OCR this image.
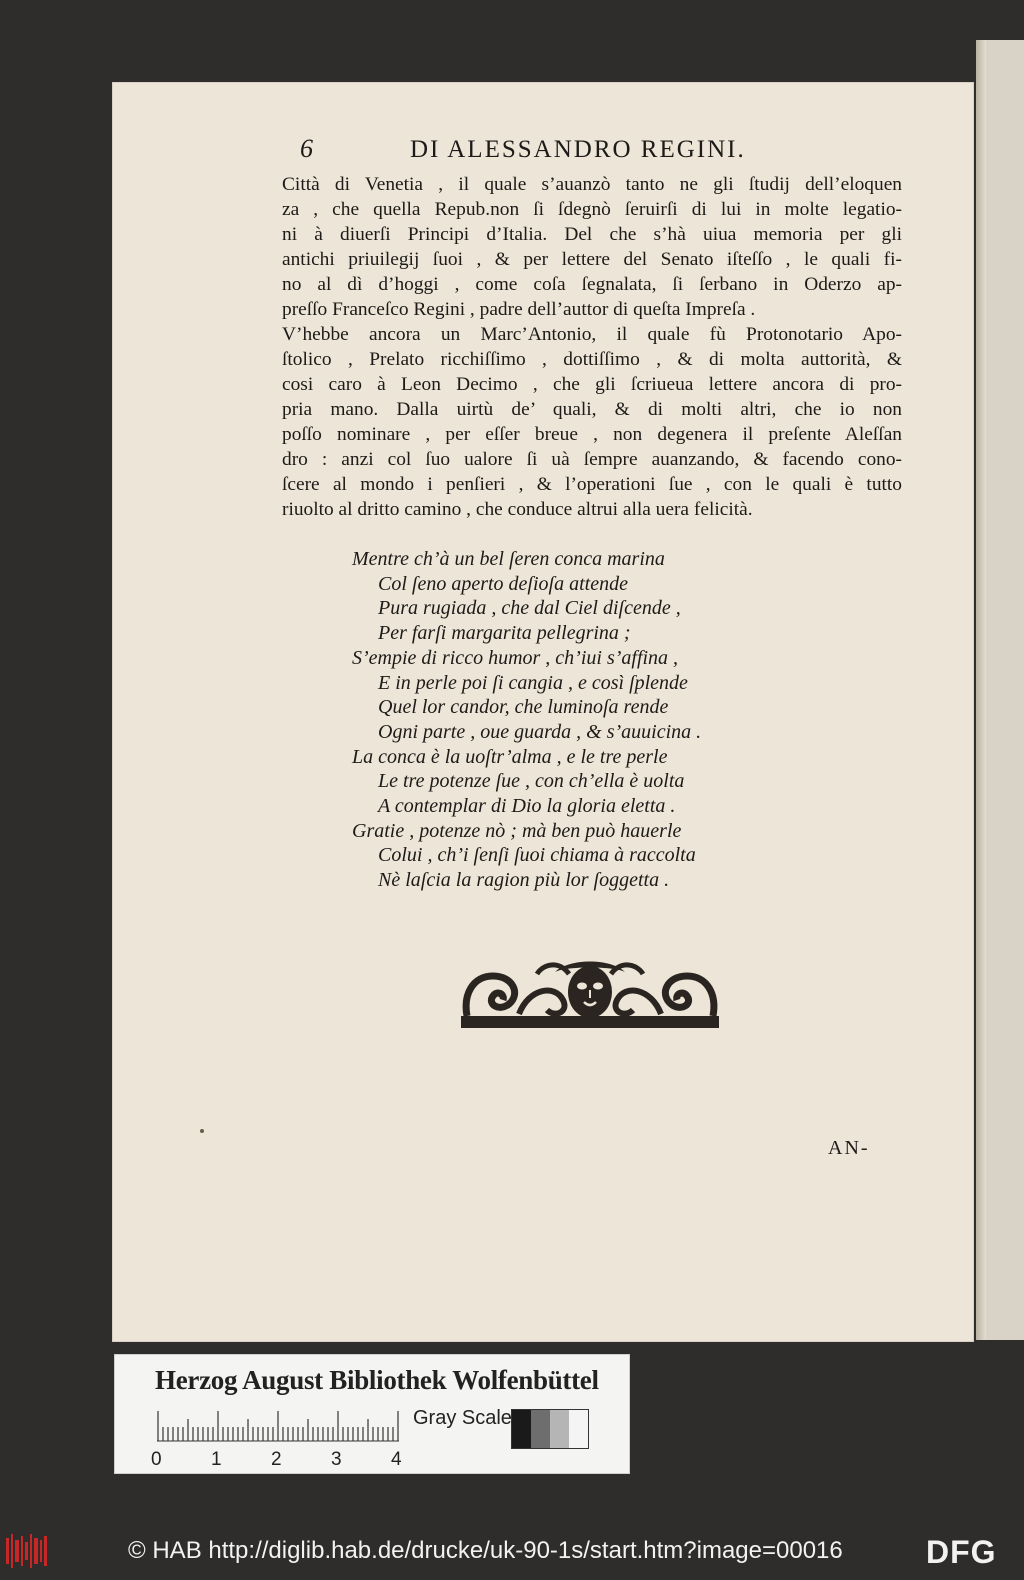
6	DI ALESSANDRO REGINI.
Città di Venetia , il quale s’auanzò tanto ne gli ſtudij dell’eloquen
za , che quella Repub.non ſi ſdegnò ſeruirſi di lui in molte legatio-
ni à diuerſi Principi d’Italia. Del che s’hà uiua memoria per gli
antichi priuilegij ſuoi , & per lettere del Senato iſteſſo , le quali fi-
no al dì d’hoggi , come coſa ſegnalata, ſi ſerbano in Oderzo ap-
preſſo Franceſco Regini , padre dell’auttor di queſta Impreſa .
V’hebbe ancora un Marc’Antonio, il quale fù Protonotario Apo-
ſtolico , Prelato ricchiſſimo , dottiſſimo , & di molta auttorità, &
cosi caro à Leon Decimo , che gli ſcriueua lettere ancora di pro-
pria mano. Dalla uirtù de’ quali, & di molti altri, che io non
poſſo nominare , per eſſer breue , non degenera il preſente Aleſſan
dro : anzi col ſuo ualore ſi uà ſempre auanzando, & facendo cono-
ſcere al mondo i penſieri , & l’operationi ſue , con le quali è tutto
riuolto al dritto camino , che conduce altrui alla uera felicità.
Mentre ch’à un bel ſeren conca marina
Col ſeno aperto deſioſa attende
Pura rugiada , che dal Ciel diſcende ,
Per farſi margarita pellegrina ;
S’empie di ricco humor , ch’iui s’affina ,
E in perle poi ſi cangia , e così ſplende
Quel lor candor, che luminoſa rende
Ogni parte , oue guarda , & s’auuicina .
La conca è la uoſtr’alma , e le tre perle
Le tre potenze ſue , con ch’ella è uolta
A contemplar di Dio la gloria eletta .
Gratie , potenze nò ; mà ben può hauerle
Colui , ch’i ſenſi ſuoi chiama à raccolta
Nè laſcia la ragion più lor ſoggetta .
AN-
Herzog August Bibliothek Wolfenbüttel
0	1	2	3	4
Gray Scale
© HAB http://diglib.hab.de/drucke/uk-90-1s/start.htm?image=00016	DFG
